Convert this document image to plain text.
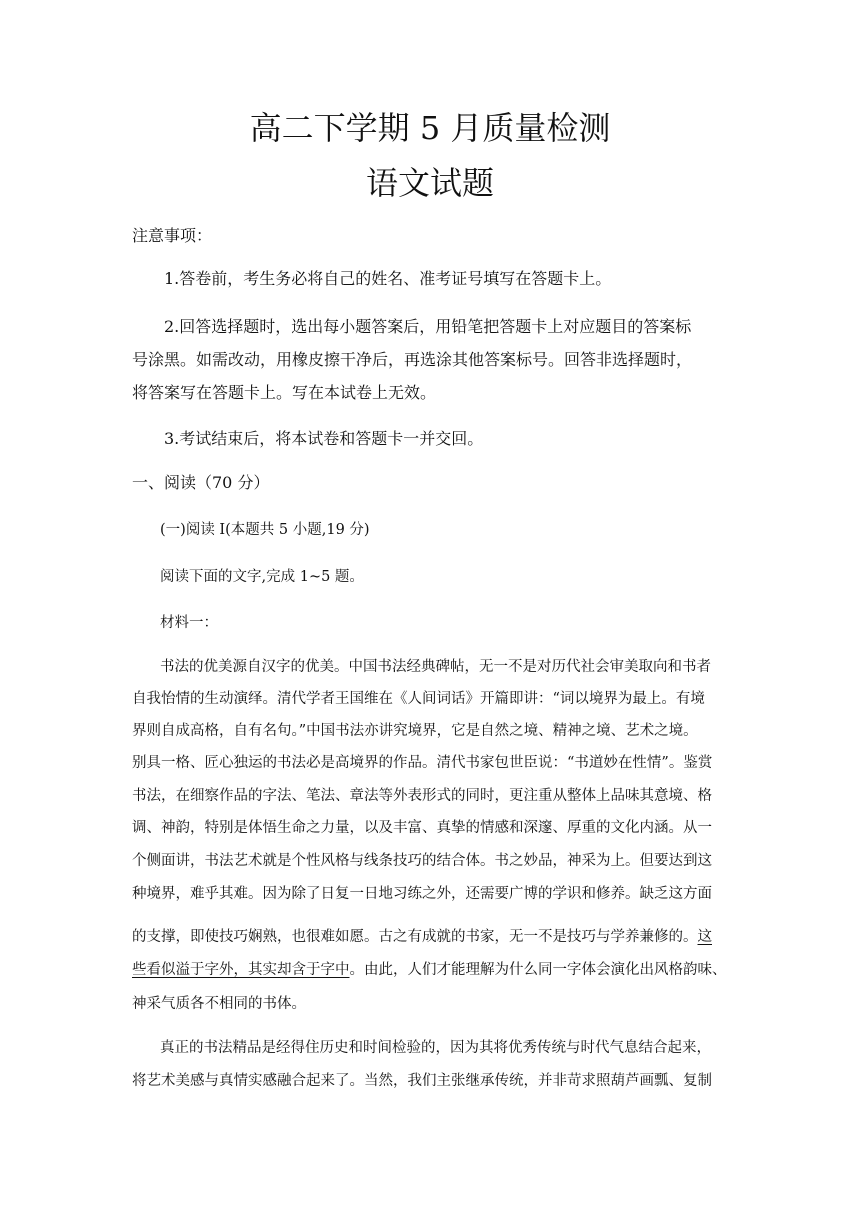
高二下学期 5 月质量检测
语文试题
注意事项：
1.答卷前，考生务必将自己的姓名、准考证号填写在答题卡上。
2.回答选择题时，选出每小题答案后，用铅笔把答题卡上对应题目的答案标
号涂黑。如需改动，用橡皮擦干净后，再选涂其他答案标号。回答非选择题时，
将答案写在答题卡上。写在本试卷上无效。
3.考试结束后，将本试卷和答题卡一并交回。
一、阅读（70 分）
(一)阅读 I(本题共 5 小题,19 分)
阅读下面的文字,完成 1~5 题。
材料一：
书法的优美源自汉字的优美。中国书法经典碑帖，无一不是对历代社会审美取向和书者
自我怡情的生动演绎。清代学者王国维在《人间词话》开篇即讲：“词以境界为最上。有境
界则自成高格，自有名句。”中国书法亦讲究境界，它是自然之境、精神之境、艺术之境。
别具一格、匠心独运的书法必是高境界的作品。清代书家包世臣说：“书道妙在性情”。鉴赏
书法，在细察作品的字法、笔法、章法等外表形式的同时，更注重从整体上品味其意境、格
调、神韵，特别是体悟生命之力量，以及丰富、真挚的情感和深邃、厚重的文化内涵。从一
个侧面讲，书法艺术就是个性风格与线条技巧的结合体。书之妙品，神采为上。但要达到这
种境界，难乎其难。因为除了日复一日地习练之外，还需要广博的学识和修养。缺乏这方面
的支撑，即使技巧娴熟，也很难如愿。古之有成就的书家，无一不是技巧与学养兼修的。这
些看似溢于字外，其实却含于字中。由此，人们才能理解为什么同一字体会演化出风格韵味、
神采气质各不相同的书体。
真正的书法精品是经得住历史和时间检验的，因为其将优秀传统与时代气息结合起来，
将艺术美感与真情实感融合起来了。当然，我们主张继承传统，并非苛求照葫芦画瓢、复制
